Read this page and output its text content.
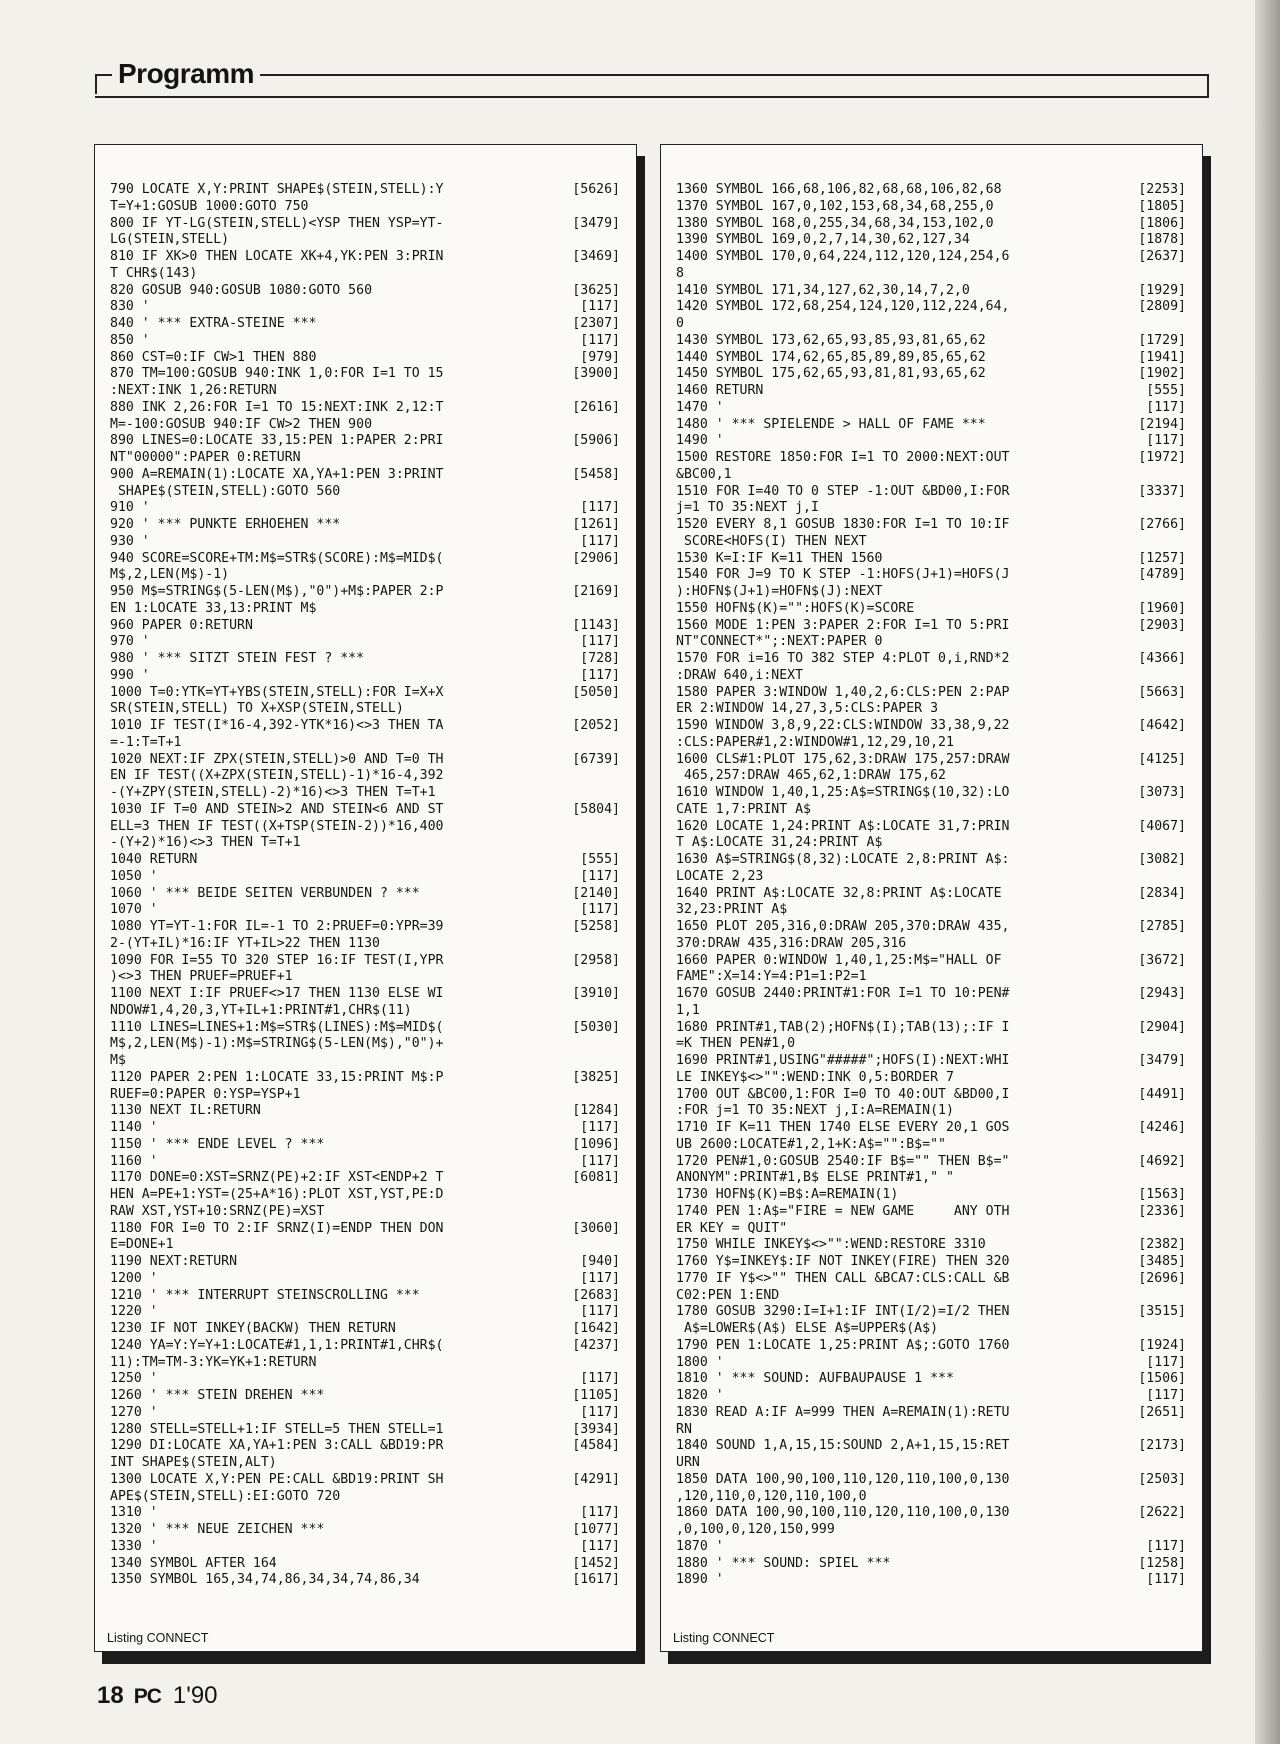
Programm
790 LOCATE X,Y:PRINT SHAPE$(STEIN,STELL):Y	[5626]
T=Y+1:GOSUB 1000:GOTO 750
800 IF YT-LG(STEIN,STELL)<YSP THEN YSP=YT-	[3479]
LG(STEIN,STELL)
810 IF XK>0 THEN LOCATE XK+4,YK:PEN 3:PRIN	[3469]
T CHR$(143)
820 GOSUB 940:GOSUB 1080:GOTO 560	[3625]
830 '	[117]
840 ' *** EXTRA-STEINE ***	[2307]
850 '	[117]
860 CST=0:IF CW>1 THEN 880	[979]
870 TM=100:GOSUB 940:INK 1,0:FOR I=1 TO 15	[3900]
:NEXT:INK 1,26:RETURN
880 INK 2,26:FOR I=1 TO 15:NEXT:INK 2,12:T	[2616]
M=-100:GOSUB 940:IF CW>2 THEN 900
890 LINES=0:LOCATE 33,15:PEN 1:PAPER 2:PRI	[5906]
NT"00000":PAPER 0:RETURN
900 A=REMAIN(1):LOCATE XA,YA+1:PEN 3:PRINT	[5458]
SHAPE$(STEIN,STELL):GOTO 560
910 '	[117]
920 ' *** PUNKTE ERHOEHEN ***	[1261]
930 '	[117]
940 SCORE=SCORE+TM:M$=STR$(SCORE):M$=MID$(	[2906]
M$,2,LEN(M$)-1)
950 M$=STRING$(5-LEN(M$),"0")+M$:PAPER 2:P	[2169]
EN 1:LOCATE 33,13:PRINT M$
960 PAPER 0:RETURN	[1143]
970 '	[117]
980 ' *** SITZT STEIN FEST ? ***	[728]
990 '	[117]
1000 T=0:YTK=YT+YBS(STEIN,STELL):FOR I=X+X	[5050]
SR(STEIN,STELL) TO X+XSP(STEIN,STELL)
1010 IF TEST(I*16-4,392-YTK*16)<>3 THEN TA	[2052]
=-1:T=T+1
1020 NEXT:IF ZPX(STEIN,STELL)>0 AND T=0 TH	[6739]
EN IF TEST((X+ZPX(STEIN,STELL)-1)*16-4,392
-(Y+ZPY(STEIN,STELL)-2)*16)<>3 THEN T=T+1
1030 IF T=0 AND STEIN>2 AND STEIN<6 AND ST	[5804]
ELL=3 THEN IF TEST((X+TSP(STEIN-2))*16,400
-(Y+2)*16)<>3 THEN T=T+1
1040 RETURN	[555]
1050 '	[117]
1060 ' *** BEIDE SEITEN VERBUNDEN ? ***	[2140]
1070 '	[117]
1080 YT=YT-1:FOR IL=-1 TO 2:PRUEF=0:YPR=39	[5258]
2-(YT+IL)*16:IF YT+IL>22 THEN 1130
1090 FOR I=55 TO 320 STEP 16:IF TEST(I,YPR	[2958]
)<>3 THEN PRUEF=PRUEF+1
1100 NEXT I:IF PRUEF<>17 THEN 1130 ELSE WI	[3910]
NDOW#1,4,20,3,YT+IL+1:PRINT#1,CHR$(11)
1110 LINES=LINES+1:M$=STR$(LINES):M$=MID$(	[5030]
M$,2,LEN(M$)-1):M$=STRING$(5-LEN(M$),"0")+
M$
1120 PAPER 2:PEN 1:LOCATE 33,15:PRINT M$:P	[3825]
RUEF=0:PAPER 0:YSP=YSP+1
1130 NEXT IL:RETURN	[1284]
1140 '	[117]
1150 ' *** ENDE LEVEL ? ***	[1096]
1160 '	[117]
1170 DONE=0:XST=SRNZ(PE)+2:IF XST<ENDP+2 T	[6081]
HEN A=PE+1:YST=(25+A*16):PLOT XST,YST,PE:D
RAW XST,YST+10:SRNZ(PE)=XST
1180 FOR I=0 TO 2:IF SRNZ(I)=ENDP THEN DON	[3060]
E=DONE+1
1190 NEXT:RETURN	[940]
1200 '	[117]
1210 ' *** INTERRUPT STEINSCROLLING ***	[2683]
1220 '	[117]
1230 IF NOT INKEY(BACKW) THEN RETURN	[1642]
1240 YA=Y:Y=Y+1:LOCATE#1,1,1:PRINT#1,CHR$(	[4237]
11):TM=TM-3:YK=YK+1:RETURN
1250 '	[117]
1260 ' *** STEIN DREHEN ***	[1105]
1270 '	[117]
1280 STELL=STELL+1:IF STELL=5 THEN STELL=1	[3934]
1290 DI:LOCATE XA,YA+1:PEN 3:CALL &BD19:PR	[4584]
INT SHAPE$(STEIN,ALT)
1300 LOCATE X,Y:PEN PE:CALL &BD19:PRINT SH	[4291]
APE$(STEIN,STELL):EI:GOTO 720
1310 '	[117]
1320 ' *** NEUE ZEICHEN ***	[1077]
1330 '	[117]
1340 SYMBOL AFTER 164	[1452]
1350 SYMBOL 165,34,74,86,34,34,74,86,34	[1617]
Listing CONNECT
1360 SYMBOL 166,68,106,82,68,68,106,82,68	[2253]
1370 SYMBOL 167,0,102,153,68,34,68,255,0	[1805]
1380 SYMBOL 168,0,255,34,68,34,153,102,0	[1806]
1390 SYMBOL 169,0,2,7,14,30,62,127,34	[1878]
1400 SYMBOL 170,0,64,224,112,120,124,254,6	[2637]
8
1410 SYMBOL 171,34,127,62,30,14,7,2,0	[1929]
1420 SYMBOL 172,68,254,124,120,112,224,64,	[2809]
0
1430 SYMBOL 173,62,65,93,85,93,81,65,62	[1729]
1440 SYMBOL 174,62,65,85,89,89,85,65,62	[1941]
1450 SYMBOL 175,62,65,93,81,81,93,65,62	[1902]
1460 RETURN	[555]
1470 '	[117]
1480 ' *** SPIELENDE > HALL OF FAME ***	[2194]
1490 '	[117]
1500 RESTORE 1850:FOR I=1 TO 2000:NEXT:OUT	[1972]
&BC00,1
1510 FOR I=40 TO 0 STEP -1:OUT &BD00,I:FOR	[3337]
j=1 TO 35:NEXT j,I
1520 EVERY 8,1 GOSUB 1830:FOR I=1 TO 10:IF	[2766]
SCORE<HOFS(I) THEN NEXT
1530 K=I:IF K=11 THEN 1560	[1257]
1540 FOR J=9 TO K STEP -1:HOFS(J+1)=HOFS(J	[4789]
):HOFN$(J+1)=HOFN$(J):NEXT
1550 HOFN$(K)="":HOFS(K)=SCORE	[1960]
1560 MODE 1:PEN 3:PAPER 2:FOR I=1 TO 5:PRI	[2903]
NT"CONNECT*";:NEXT:PAPER 0
1570 FOR i=16 TO 382 STEP 4:PLOT 0,i,RND*2	[4366]
:DRAW 640,i:NEXT
1580 PAPER 3:WINDOW 1,40,2,6:CLS:PEN 2:PAP	[5663]
ER 2:WINDOW 14,27,3,5:CLS:PAPER 3
1590 WINDOW 3,8,9,22:CLS:WINDOW 33,38,9,22	[4642]
:CLS:PAPER#1,2:WINDOW#1,12,29,10,21
1600 CLS#1:PLOT 175,62,3:DRAW 175,257:DRAW	[4125]
465,257:DRAW 465,62,1:DRAW 175,62
1610 WINDOW 1,40,1,25:A$=STRING$(10,32):LO	[3073]
CATE 1,7:PRINT A$
1620 LOCATE 1,24:PRINT A$:LOCATE 31,7:PRIN	[4067]
T A$:LOCATE 31,24:PRINT A$
1630 A$=STRING$(8,32):LOCATE 2,8:PRINT A$:	[3082]
LOCATE 2,23
1640 PRINT A$:LOCATE 32,8:PRINT A$:LOCATE	[2834]
32,23:PRINT A$
1650 PLOT 205,316,0:DRAW 205,370:DRAW 435,	[2785]
370:DRAW 435,316:DRAW 205,316
1660 PAPER 0:WINDOW 1,40,1,25:M$="HALL OF	[3672]
FAME":X=14:Y=4:P1=1:P2=1
1670 GOSUB 2440:PRINT#1:FOR I=1 TO 10:PEN#	[2943]
1,1
1680 PRINT#1,TAB(2);HOFN$(I);TAB(13);:IF I	[2904]
=K THEN PEN#1,0
1690 PRINT#1,USING"#####";HOFS(I):NEXT:WHI	[3479]
LE INKEY$<>"":WEND:INK 0,5:BORDER 7
1700 OUT &BC00,1:FOR I=0 TO 40:OUT &BD00,I	[4491]
:FOR j=1 TO 35:NEXT j,I:A=REMAIN(1)
1710 IF K=11 THEN 1740 ELSE EVERY 20,1 GOS	[4246]
UB 2600:LOCATE#1,2,1+K:A$="":B$=""
1720 PEN#1,0:GOSUB 2540:IF B$="" THEN B$="	[4692]
ANONYM":PRINT#1,B$ ELSE PRINT#1," "
1730 HOFN$(K)=B$:A=REMAIN(1)	[1563]
1740 PEN 1:A$="FIRE = NEW GAME     ANY OTH	[2336]
ER KEY = QUIT"
1750 WHILE INKEY$<>"":WEND:RESTORE 3310	[2382]
1760 Y$=INKEY$:IF NOT INKEY(FIRE) THEN 320	[3485]
1770 IF Y$<>"" THEN CALL &BCA7:CLS:CALL &B	[2696]
C02:PEN 1:END
1780 GOSUB 3290:I=I+1:IF INT(I/2)=I/2 THEN	[3515]
A$=LOWER$(A$) ELSE A$=UPPER$(A$)
1790 PEN 1:LOCATE 1,25:PRINT A$;:GOTO 1760	[1924]
1800 '	[117]
1810 ' *** SOUND: AUFBAUPAUSE 1 ***	[1506]
1820 '	[117]
1830 READ A:IF A=999 THEN A=REMAIN(1):RETU	[2651]
RN
1840 SOUND 1,A,15,15:SOUND 2,A+1,15,15:RET	[2173]
URN
1850 DATA 100,90,100,110,120,110,100,0,130	[2503]
,120,110,0,120,110,100,0
1860 DATA 100,90,100,110,120,110,100,0,130	[2622]
,0,100,0,120,150,999
1870 '	[117]
1880 ' *** SOUND: SPIEL ***	[1258]
1890 '	[117]
Listing CONNECT
18 PC 1'90
